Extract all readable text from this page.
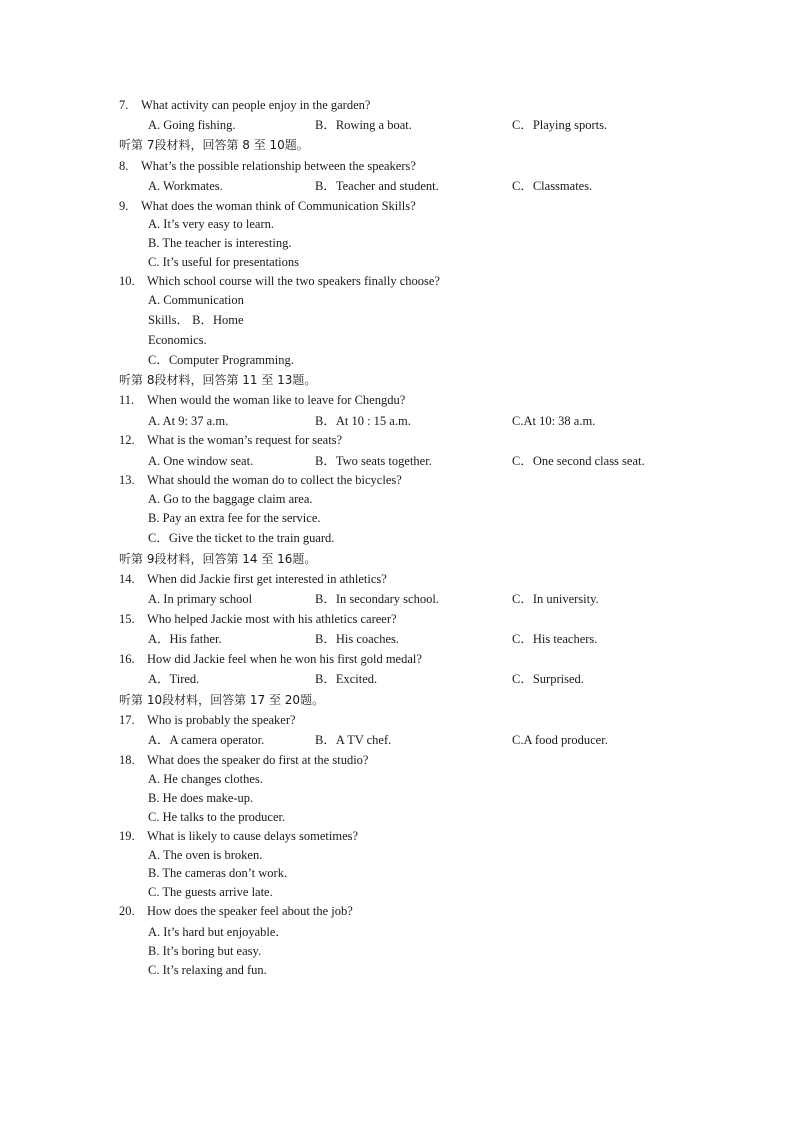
7. What activity can people enjoy in the garden?
A. Going fishing.	B．Rowing a boat.	C．Playing sports.
听第 7段材料，回答第 8 至 10题。
8. What’s the possible relationship between the speakers?
A. Workmates.	B．Teacher and student.	C．Classmates.
9. What does the woman think of Communication Skills?
A. It’s very easy to learn.
B. The teacher is interesting.
C. It’s useful for presentations
10. Which school course will the two speakers finally choose?
A. Communication
Skills． B．Home
Economics.
C．Computer Programming.
听第 8段材料，回答第 11 至 13题。
11. When would the woman like to leave for Chengdu?
A. At 9: 37 a.m.	B．At 10 : 15 a.m.	C.At 10: 38 a.m.
12. What is the woman’s request for seats?
A. One window seat.	B．Two seats together.	C．One second class seat.
13. What should the woman do to collect the bicycles?
A. Go to the baggage claim area.
B. Pay an extra fee for the service.
C．Give the ticket to the train guard.
听第 9段材料，回答第 14 至 16题。
14. When did Jackie first get interested in athletics?
A. In primary school	B．In secondary school.	C．In university.
15. Who helped Jackie most with his athletics career?
A．His father.	B．His coaches.	C．His teachers.
16. How did Jackie feel when he won his first gold medal?
A．Tired.	B．Excited.	C．Surprised.
听第 10段材料，回答第 17 至 20题。
17. Who is probably the speaker?
A．A camera operator.	B．A TV chef.	C.A food producer.
18. What does the speaker do first at the studio?
A. He changes clothes.
B. He does make-up.
C. He talks to the producer.
19. What is likely to cause delays sometimes?
A. The oven is broken.
B. The cameras don’t work.
C. The guests arrive late.
20. How does the speaker feel about the job?
A. It’s hard but enjoyable．
B. It’s boring but easy.
C. It’s relaxing and fun.
